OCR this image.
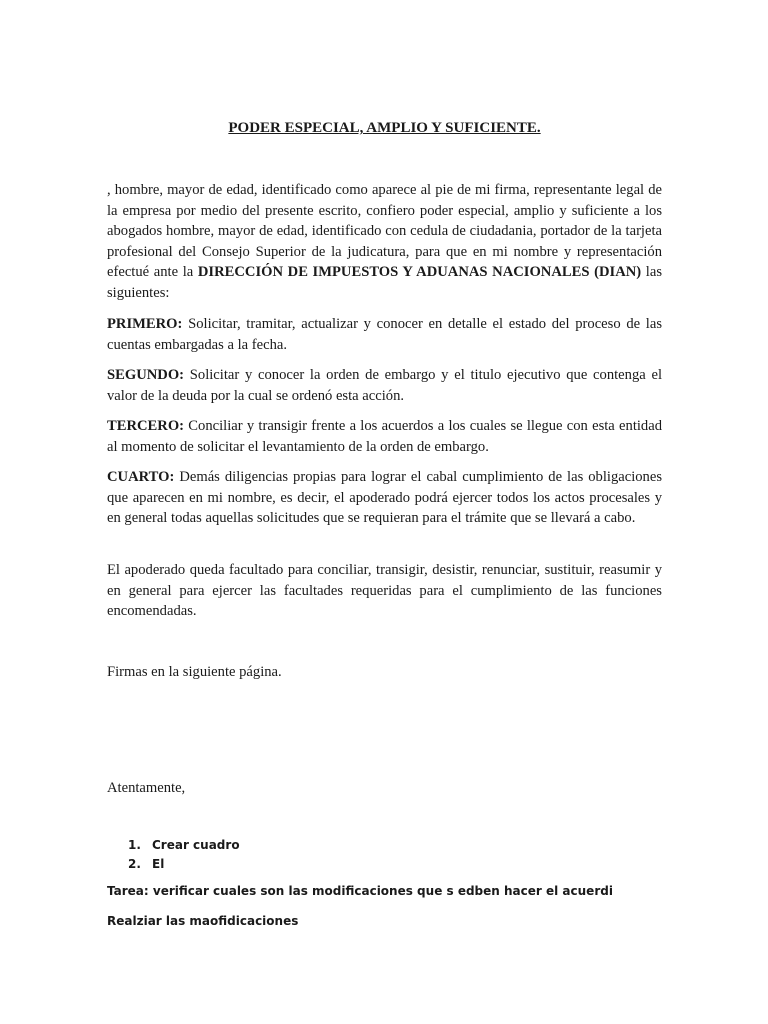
PODER ESPECIAL, AMPLIO Y SUFICIENTE.

, hombre, mayor de edad, identificado como aparece al pie de mi firma, representante legal de la empresa por medio del presente escrito, confiero poder especial, amplio y suficiente a los abogados hombre, mayor de edad, identificado con cedula de ciudadania, portador de la tarjeta profesional del Consejo Superior de la judicatura, para que en mi nombre y representación efectué ante la DIRECCIÓN DE IMPUESTOS Y ADUANAS NACIONALES (DIAN) las siguientes:

PRIMERO: Solicitar, tramitar, actualizar y conocer en detalle el estado del proceso de las cuentas embargadas a la fecha.

SEGUNDO: Solicitar y conocer la orden de embargo y el titulo ejecutivo que contenga el valor de la deuda por la cual se ordenó esta acción.

TERCERO: Conciliar y transigir frente a los acuerdos a los cuales se llegue con esta entidad al momento de solicitar el levantamiento de la orden de embargo.

CUARTO: Demás diligencias propias para lograr el cabal cumplimiento de las obligaciones que aparecen en mi nombre, es decir, el apoderado podrá ejercer todos los actos procesales y en general todas aquellas solicitudes que se requieran para el trámite que se llevará a cabo.

El apoderado queda facultado para conciliar, transigir, desistir, renunciar, sustituir, reasumir y en general para ejercer las facultades requeridas para el cumplimiento de las funciones encomendadas.

Firmas en la siguiente página.

Atentamente,

1. Crear cuadro
2. El
Tarea: verificar cuales son las modificaciones que s edben hacer el acuerdi
Realziar las maofidicaciones
